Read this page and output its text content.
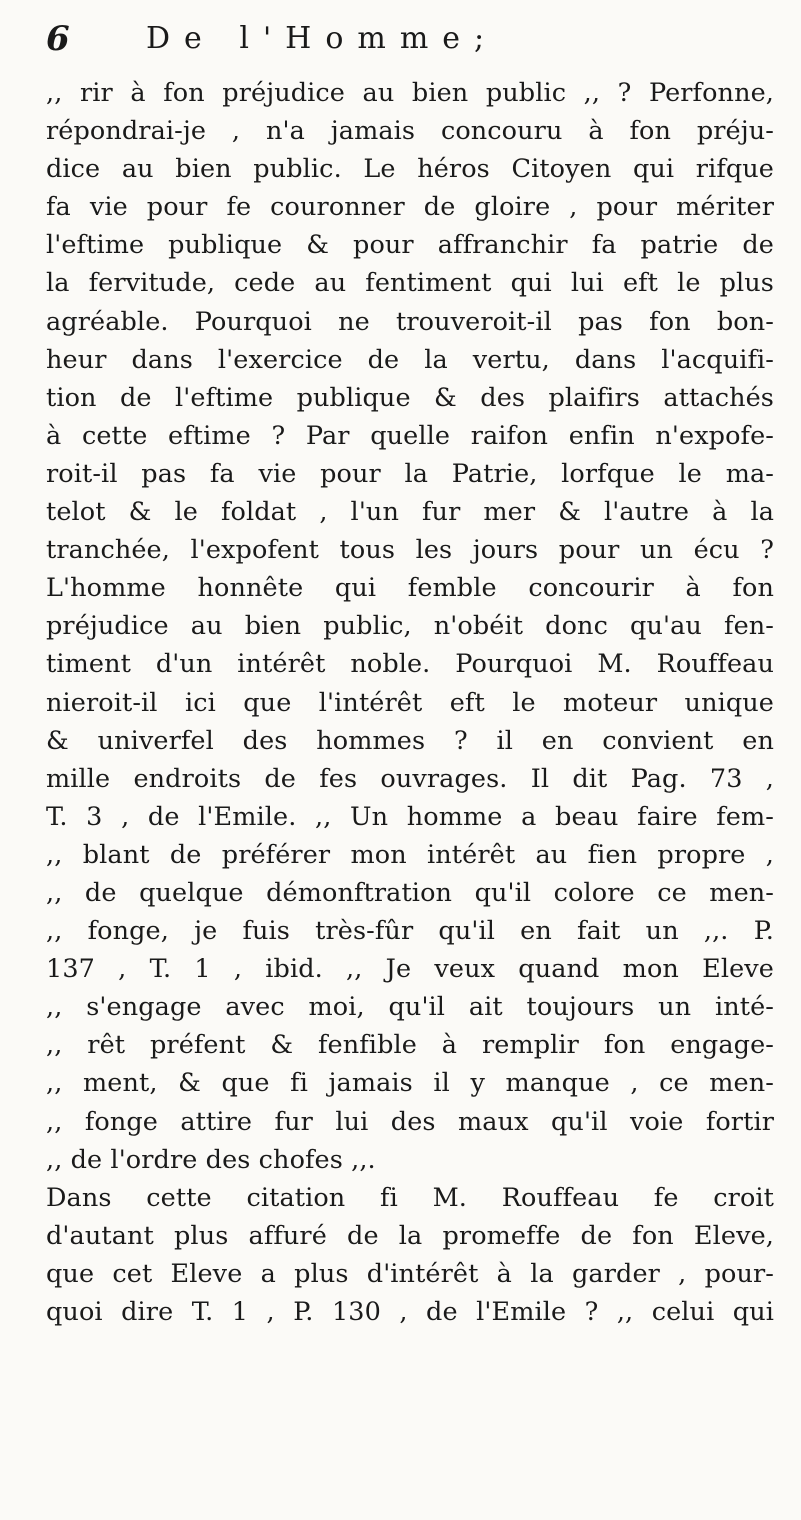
6	De l'Homme;
,, rir à fon préjudice au bien public ,, ? Perfonne,
répondrai-je , n'a jamais concouru à fon préju-
dice au bien public. Le héros Citoyen qui rifque
fa vie pour fe couronner de gloire , pour mériter
l'eftime publique & pour affranchir fa patrie de
la fervitude, cede au fentiment qui lui eft le plus
agréable. Pourquoi ne trouveroit-il pas fon bon-
heur dans l'exercice de la vertu, dans l'acquifi-
tion de l'eftime publique & des plaifirs attachés
à cette eftime ? Par quelle raifon enfin n'expofe-
roit-il pas fa vie pour la Patrie, lorfque le ma-
telot & le foldat , l'un fur mer & l'autre à la
tranchée, l'expofent tous les jours pour un écu ?
L'homme honnête qui femble concourir à fon
préjudice au bien public, n'obéit donc qu'au fen-
timent d'un intérêt noble. Pourquoi M. Rouffeau
nieroit-il ici que l'intérêt eft le moteur unique
& univerfel des hommes ? il en convient en
mille endroits de fes ouvrages. Il dit Pag. 73 ,
T. 3 , de l'Emile. ,, Un homme a beau faire fem-
,, blant de préférer mon intérêt au fien propre ,
,, de quelque démonftration qu'il colore ce men-
,, fonge, je fuis très-fûr qu'il en fait un ,,. P.
137 , T. 1 , ibid. ,, Je veux quand mon Eleve
,, s'engage avec moi, qu'il ait toujours un inté-
,, rêt préfent & fenfible à remplir fon engage-
,, ment, & que fi jamais il y manque , ce men-
,, fonge attire fur lui des maux qu'il voie fortir
,, de l'ordre des chofes ,,.
Dans cette citation fi M. Rouffeau fe croit
d'autant plus affuré de la promeffe de fon Eleve,
que cet Eleve a plus d'intérêt à la garder , pour-
quoi dire T. 1 , P. 130 , de l'Emile ? ,, celui qui
